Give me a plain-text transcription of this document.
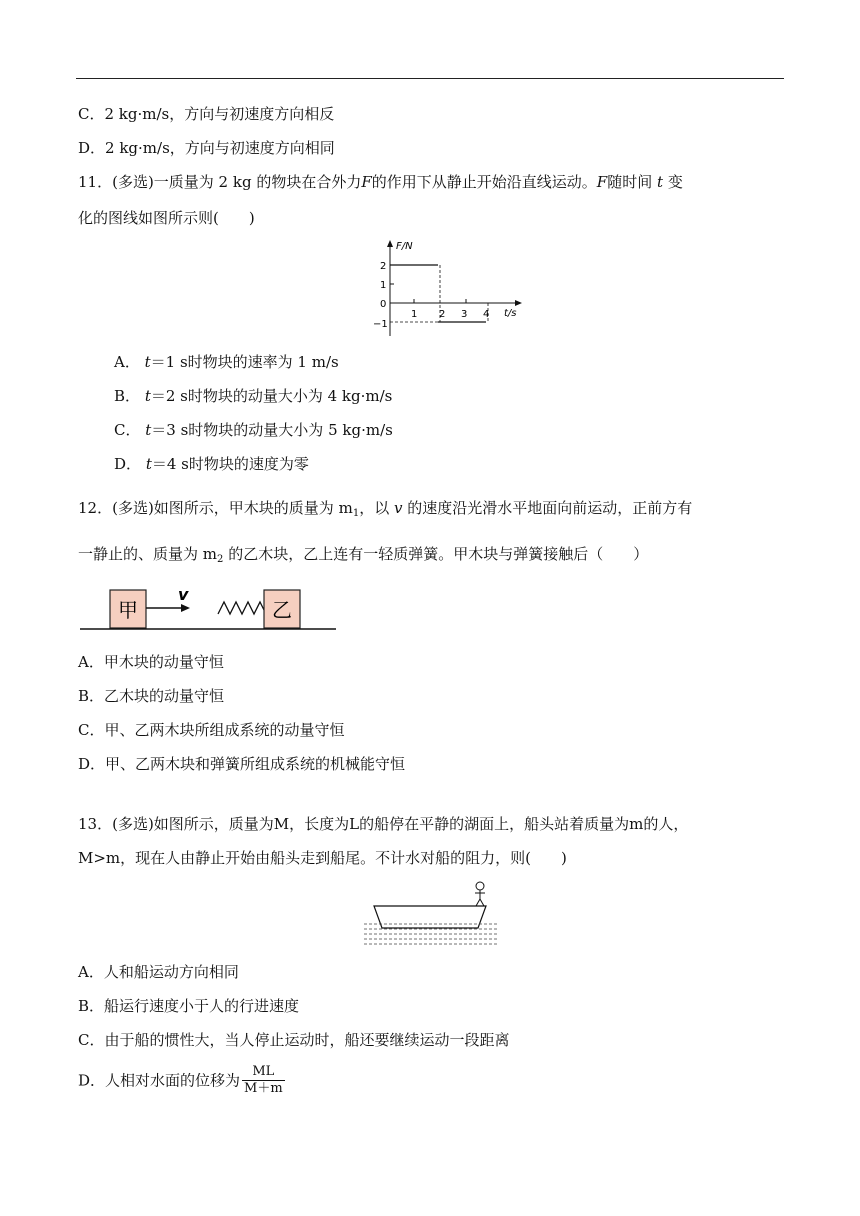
C．2 kg·m/s，方向与初速度方向相反
D．2 kg·m/s，方向与初速度方向相同
11．(多选)一质量为 2 kg 的物块在合外力F的作用下从静止开始沿直线运动。F随时间 t 变
化的图线如图所示则(　　)
F/N
t/s
2
1
0
−1
1 2 3 4
A． t＝1 s时物块的速率为 1 m/s
B． t＝2 s时物块的动量大小为 4 kg·m/s
C． t＝3 s时物块的动量大小为 5 kg·m/s
D． t＝4 s时物块的速度为零
12．(多选)如图所示，甲木块的质量为 $m_1$，以 v 的速度沿光滑水平地面向前运动，正前方有
一静止的、质量为 $m_2$ 的乙木块，乙上连有一轻质弹簧。甲木块与弹簧接触后（　　）
甲
v
乙
A．甲木块的动量守恒
B．乙木块的动量守恒
C．甲、乙两木块所组成系统的动量守恒
D．甲、乙两木块和弹簧所组成系统的机械能守恒
13．(多选)如图所示，质量为M，长度为L的船停在平静的湖面上，船头站着质量为m的人，
M>m，现在人由静止开始由船头走到船尾。不计水对船的阻力，则(　　)
A．人和船运动方向相同
B．船运行速度小于人的行进速度
C．由于船的惯性大，当人停止运动时，船还要继续运动一段距离
D．人相对水面的位移为 $\frac{ML}{M+m}$
